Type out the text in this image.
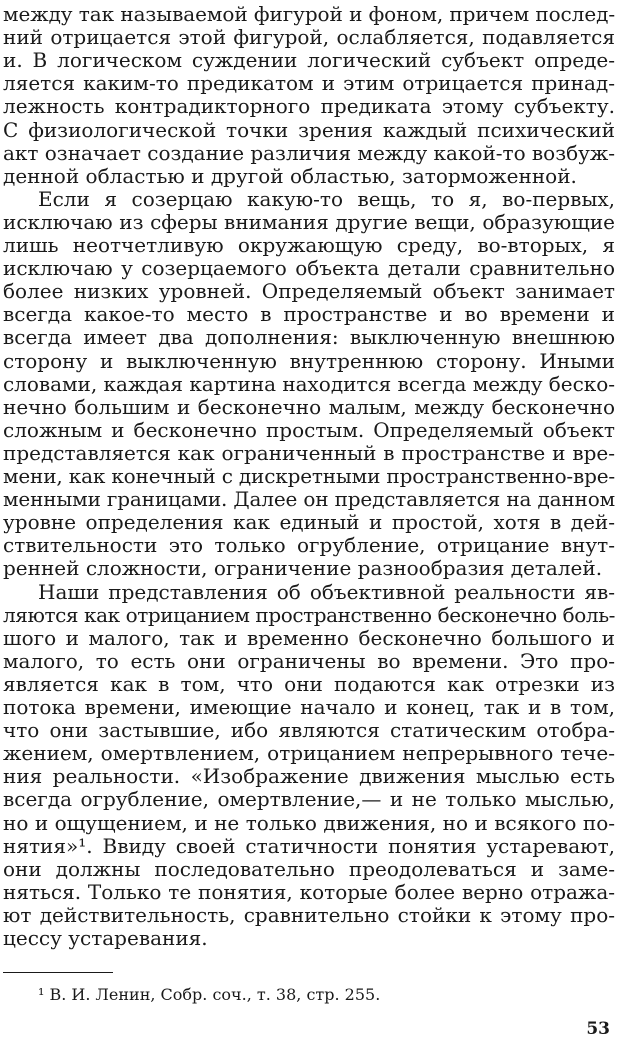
между так называемой фигурой и фоном, причем послед-
ний отрицается этой фигурой, ослабляется, подавляется
и. В логическом суждении логический субъект опреде-
ляется каким-то предикатом и этим отрицается принад-
лежность контрадикторного предиката этому субъекту.
С физиологической точки зрения каждый психический
акт означает создание различия между какой-то возбуж-
денной областью и другой областью, заторможенной.
Если я созерцаю какую-то вещь, то я, во-первых,
исключаю из сферы внимания другие вещи, образующие
лишь неотчетливую окружающую среду, во-вторых, я
исключаю у созерцаемого объекта детали сравнительно
более низких уровней. Определяемый объект занимает
всегда какое-то место в пространстве и во времени и
всегда имеет два дополнения: выключенную внешнюю
сторону и выключенную внутреннюю сторону. Иными
словами, каждая картина находится всегда между беско-
нечно большим и бесконечно малым, между бесконечно
сложным и бесконечно простым. Определяемый объект
представляется как ограниченный в пространстве и вре-
мени, как конечный с дискретными пространственно-вре-
менными границами. Далее он представляется на данном
уровне определения как единый и простой, хотя в дей-
ствительности это только огрубление, отрицание внут-
ренней сложности, ограничение разнообразия деталей.
Наши представления об объективной реальности яв-
ляются как отрицанием пространственно бесконечно боль-
шого и малого, так и временно бесконечно большого и
малого, то есть они ограничены во времени. Это про-
является как в том, что они подаются как отрезки из
потока времени, имеющие начало и конец, так и в том,
что они застывшие, ибо являются статическим отобра-
жением, омертвлением, отрицанием непрерывного тече-
ния реальности. «Изображение движения мыслью есть
всегда огрубление, омертвление,— и не только мыслью,
но и ощущением, и не только движения, но и всякого по-
нятия»¹. Ввиду своей статичности понятия устаревают,
они должны последовательно преодолеваться и заме-
няться. Только те понятия, которые более верно отража-
ют действительность, сравнительно стойки к этому про-
цессу устаревания.
¹ В. И. Ленин, Собр. соч., т. 38, стр. 255.
53
